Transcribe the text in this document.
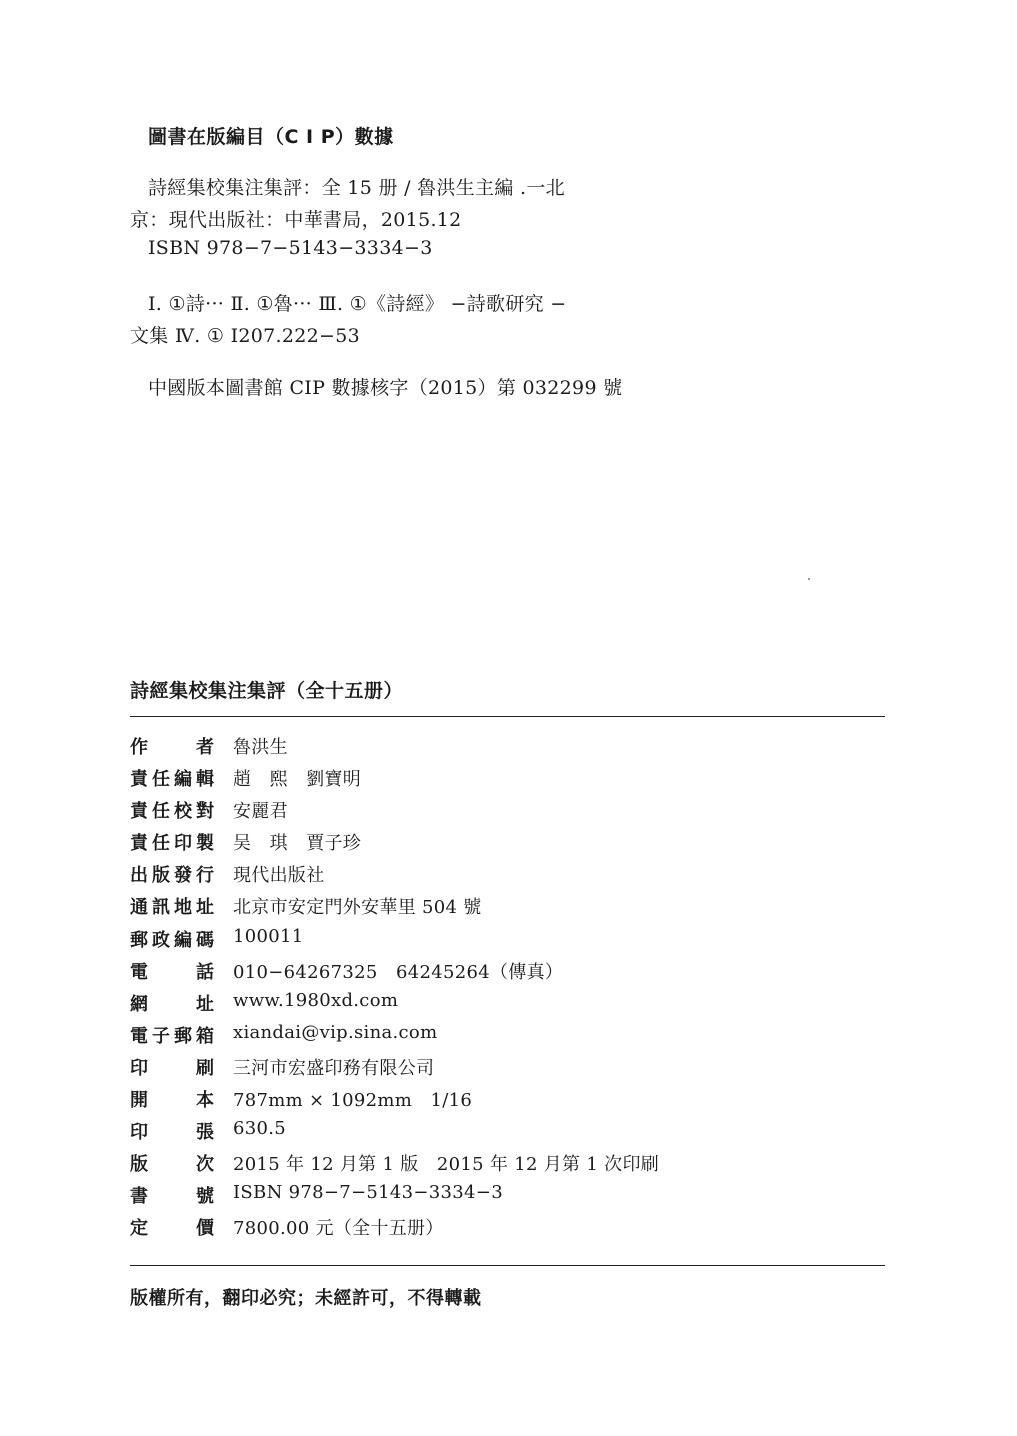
圖書在版編目（C I P）數據
詩經集校集注集評：全 15 册 / 魯洪生主編 .一北
京：現代出版社：中華書局，2015.12
ISBN 978−7−5143−3334−3
Ⅰ. ①詩··· Ⅱ. ①魯··· Ⅲ. ①《詩經》 −詩歌研究 −
文集 Ⅳ. ① I207.222−53
中國版本圖書館 CIP 數據核字（2015）第 032299 號
詩經集校集注集評（全十五册）
作者 魯洪生
責任編輯 趙　熙　劉寶明
責任校對 安麗君
責任印製 吴　琪　賈子珍
出版發行 現代出版社
通訊地址 北京市安定門外安華里 504 號
郵政編碼 100011
電話 010−64267325　64245264（傳真）
網址 www.1980xd.com
電子郵箱 xiandai@vip.sina.com
印刷 三河市宏盛印務有限公司
開本 787mm × 1092mm　1/16
印張 630.5
版次 2015 年 12 月第 1 版　2015 年 12 月第 1 次印刷
書號 ISBN 978−7−5143−3334−3
定價 7800.00 元（全十五册）
版權所有，翻印必究；未經許可，不得轉載
